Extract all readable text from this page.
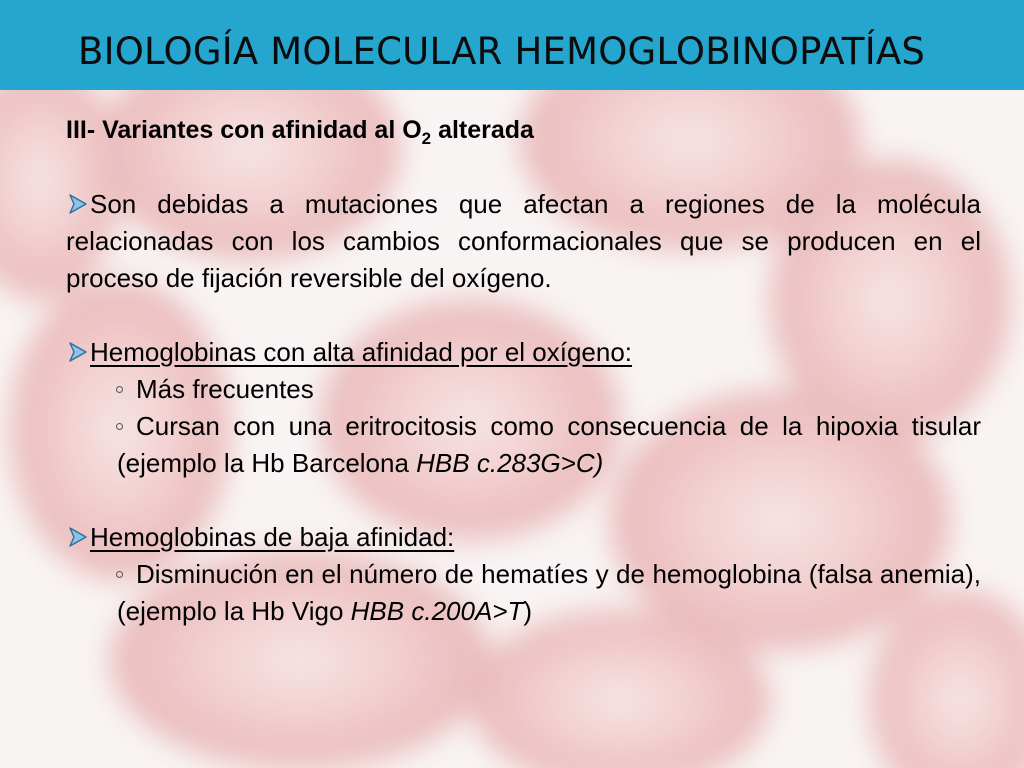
BIOLOGÍA MOLECULAR HEMOGLOBINOPATÍAS
III- Variantes con afinidad al $O_2$ alterada
Son debidas a mutaciones que afectan a regiones de la molécula relacionadas con los cambios conformacionales que se producen en el proceso de fijación reversible del oxígeno.
Hemoglobinas con alta afinidad por el oxígeno:
Más frecuentes
Cursan con una eritrocitosis como consecuencia de la hipoxia tisular (ejemplo la Hb Barcelona HBB c.283G>C)
Hemoglobinas de baja afinidad:
Disminución en el número de hematíes y de hemoglobina (falsa anemia), (ejemplo la Hb Vigo HBB c.200A>T)
